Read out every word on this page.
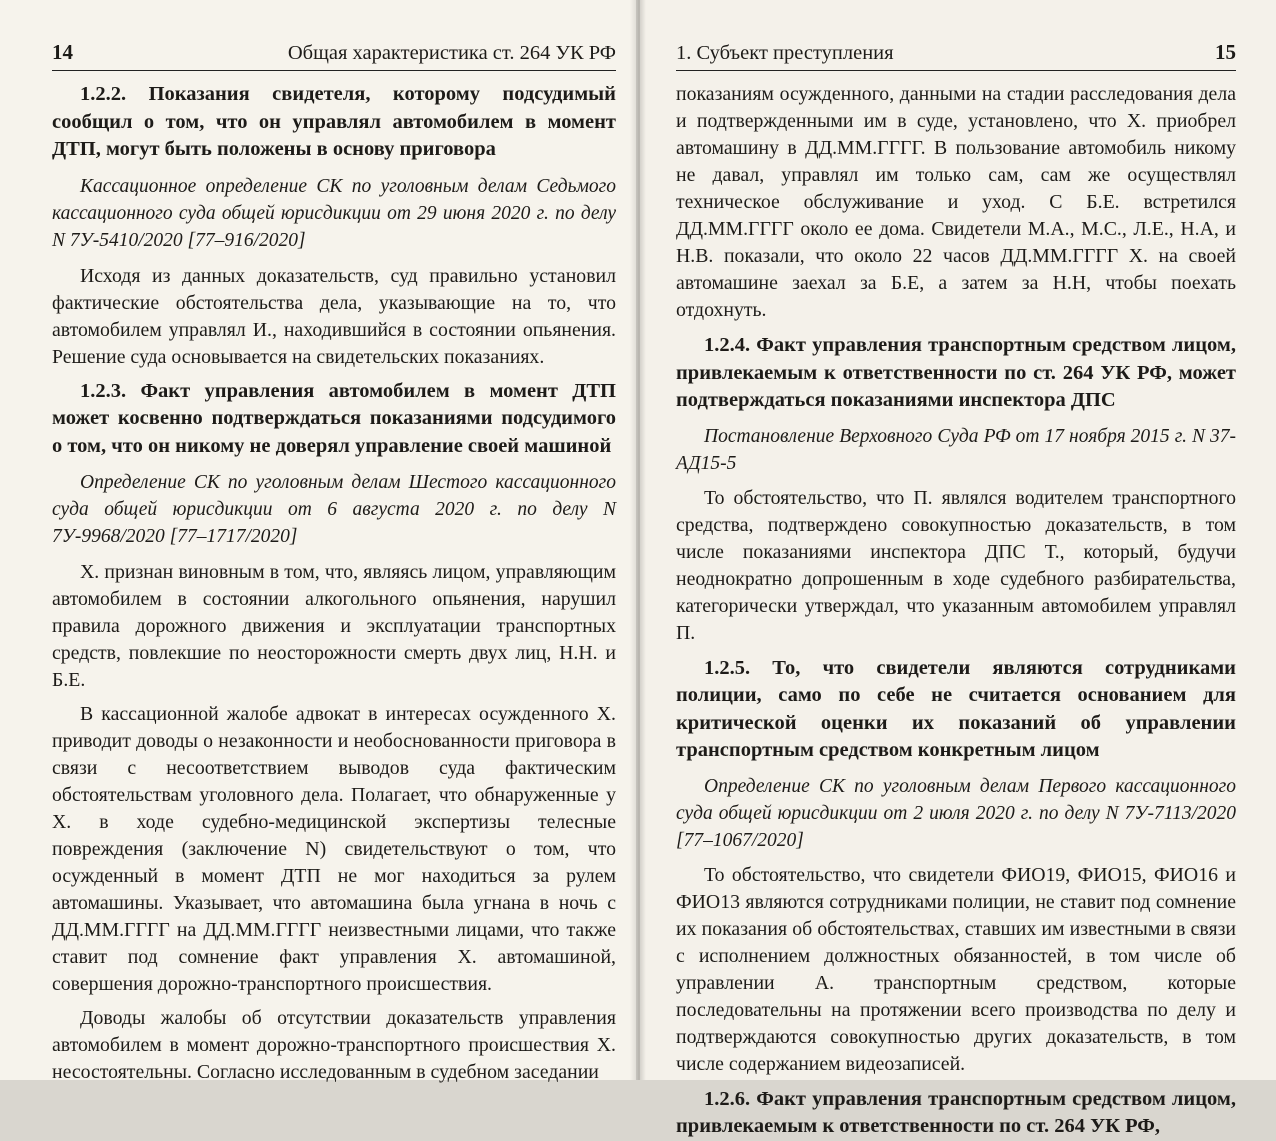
14	Общая характеристика ст. 264 УК РФ
1.2.2. Показания свидетеля, которому подсудимый сообщил о том, что он управлял автомобилем в момент ДТП, могут быть положены в основу приговора
Кассационное определение СК по уголовным делам Седьмого кассационного суда общей юрисдикции от 29 июня 2020 г. по делу N 7У-5410/2020 [77–916/2020]
Исходя из данных доказательств, суд правильно установил фактические обстоятельства дела, указывающие на то, что автомобилем управлял И., находившийся в состоянии опьянения. Решение суда основывается на свидетельских показаниях.
1.2.3. Факт управления автомобилем в момент ДТП может косвенно подтверждаться показаниями подсудимого о том, что он никому не доверял управление своей машиной
Определение СК по уголовным делам Шестого кассационного суда общей юрисдикции от 6 августа 2020 г. по делу N 7У-9968/2020 [77–1717/2020]
Х. признан виновным в том, что, являясь лицом, управляющим автомобилем в состоянии алкогольного опьянения, нарушил правила дорожного движения и эксплуатации транспортных средств, повлекшие по неосторожности смерть двух лиц, Н.Н. и Б.Е.
В кассационной жалобе адвокат в интересах осужденного Х. приводит доводы о незаконности и необоснованности приговора в связи с несоответствием выводов суда фактическим обстоятельствам уголовного дела. Полагает, что обнаруженные у Х. в ходе судебно-медицинской экспертизы телесные повреждения (заключение N) свидетельствуют о том, что осужденный в момент ДТП не мог находиться за рулем автомашины. Указывает, что автомашина была угнана в ночь с ДД.ММ.ГГГГ на ДД.ММ.ГГГГ неизвестными лицами, что также ставит под сомнение факт управления Х. автомашиной, совершения дорожно-транспортного происшествия.
Доводы жалобы об отсутствии доказательств управления автомобилем в момент дорожно-транспортного происшествия Х. несостоятельны. Согласно исследованным в судебном заседании
1. Субъект преступления	15
показаниям осужденного, данными на стадии расследования дела и подтвержденными им в суде, установлено, что Х. приобрел автомашину в ДД.ММ.ГГГГ. В пользование автомобиль никому не давал, управлял им только сам, сам же осуществлял техническое обслуживание и уход. С Б.Е. встретился ДД.ММ.ГГГГ около ее дома. Свидетели М.А., М.С., Л.Е., Н.А, и Н.В. показали, что около 22 часов ДД.ММ.ГГГГ Х. на своей автомашине заехал за Б.Е, а затем за Н.Н, чтобы поехать отдохнуть.
1.2.4. Факт управления транспортным средством лицом, привлекаемым к ответственности по ст. 264 УК РФ, может подтверждаться показаниями инспектора ДПС
Постановление Верховного Суда РФ от 17 ноября 2015 г. N 37-АД15-5
То обстоятельство, что П. являлся водителем транспортного средства, подтверждено совокупностью доказательств, в том числе показаниями инспектора ДПС Т., который, будучи неоднократно допрошенным в ходе судебного разбирательства, категорически утверждал, что указанным автомобилем управлял П.
1.2.5. То, что свидетели являются сотрудниками полиции, само по себе не считается основанием для критической оценки их показаний об управлении транспортным средством конкретным лицом
Определение СК по уголовным делам Первого кассационного суда общей юрисдикции от 2 июля 2020 г. по делу N 7У-7113/2020 [77–1067/2020]
То обстоятельство, что свидетели ФИО19, ФИО15, ФИО16 и ФИО13 являются сотрудниками полиции, не ставит под сомнение их показания об обстоятельствах, ставших им известными в связи с исполнением должностных обязанностей, в том числе об управлении А. транспортным средством, которые последовательны на протяжении всего производства по делу и подтверждаются совокупностью других доказательств, в том числе содержанием видеозаписей.
1.2.6. Факт управления транспортным средством лицом, привлекаемым к ответственности по ст. 264 УК РФ,
